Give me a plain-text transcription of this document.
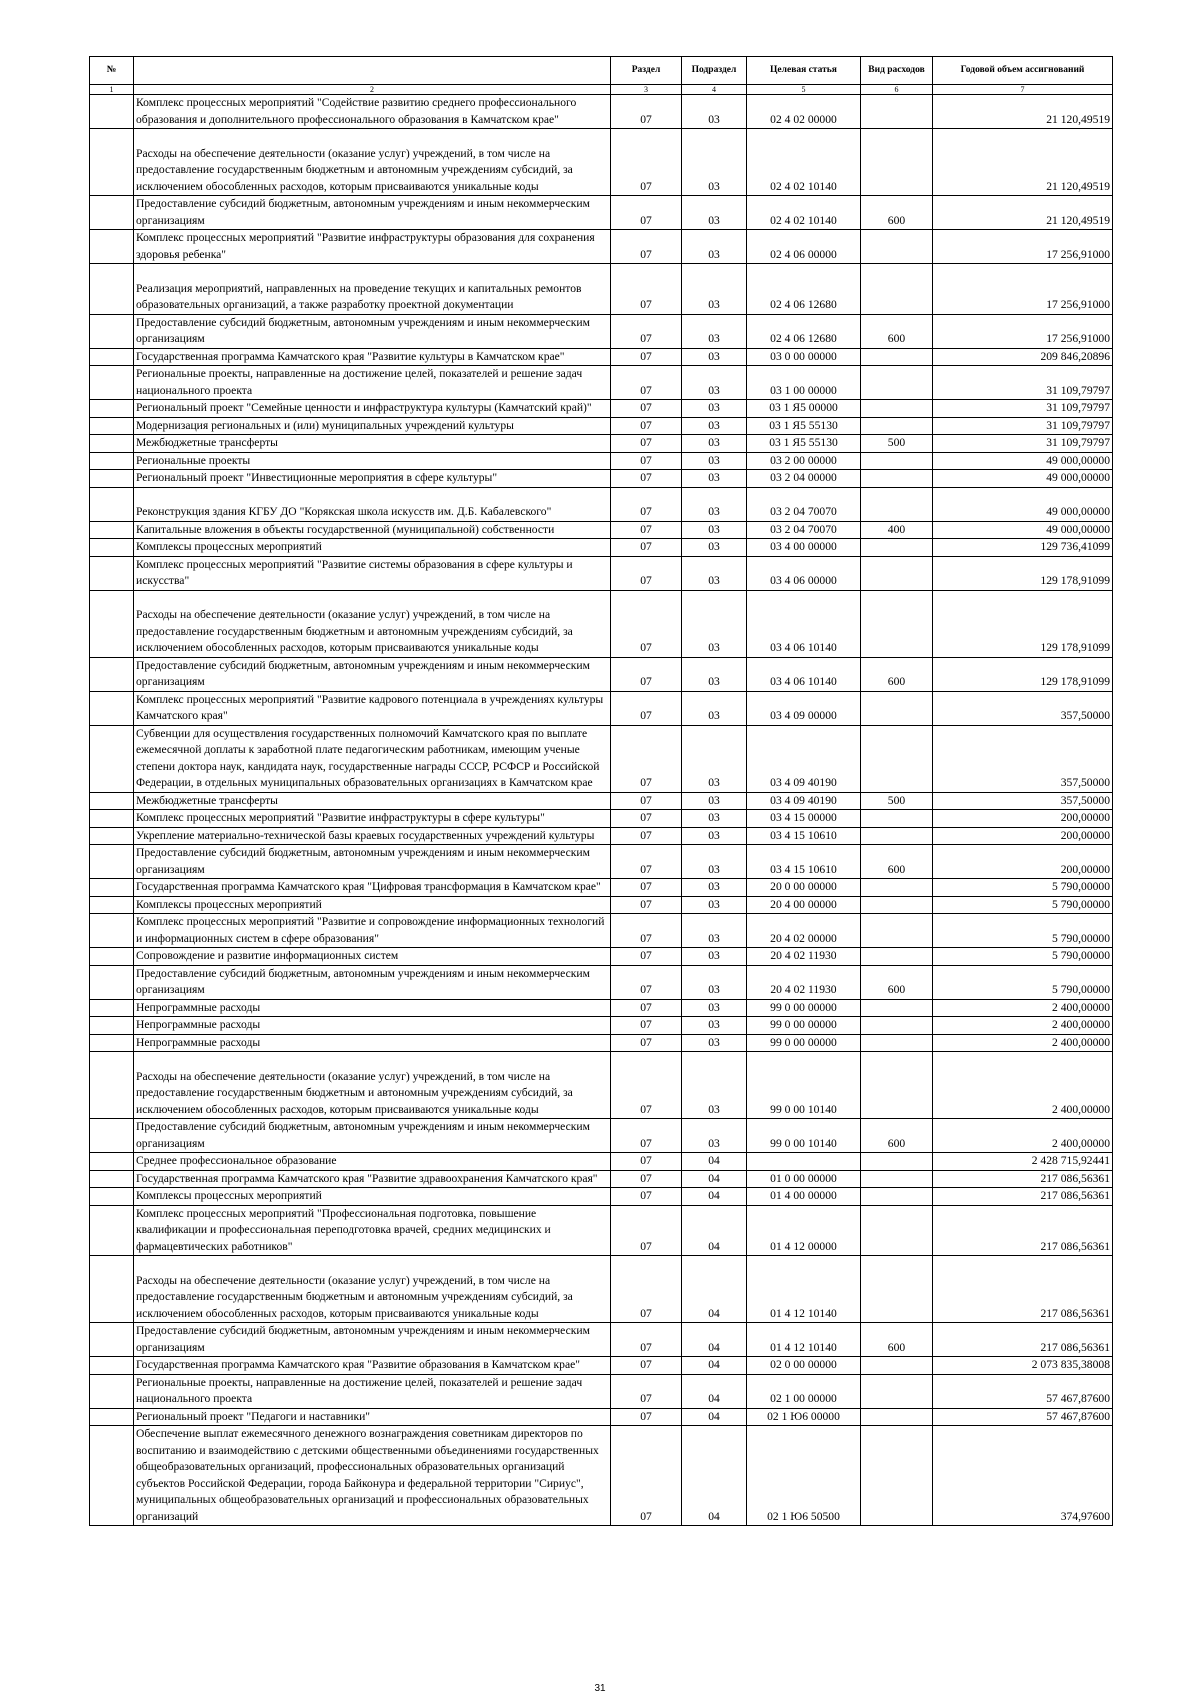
№		Раздел	Подраздел	Целевая статья	Вид расходов	Годовой объем ассигнований
1	2	3	4	5	6	7
	Комплекс процессных мероприятий "Содействие развитию среднего профессионального образования и дополнительного профессионального образования в Камчатском крае"	07	03	02 4 02 00000		21 120,49519

Расходы на обеспечение деятельности (оказание услуг) учреждений, в том числе на предоставление государственным бюджетным и автономным учреждениям субсидий, за исключением обособленных расходов, которым присваиваются уникальные коды	07	03	02 4 02 10140		21 120,49519
	Предоставление субсидий бюджетным, автономным учреждениям и иным некоммерческим организациям	07	03	02 4 02 10140	600	21 120,49519
	Комплекс процессных мероприятий "Развитие инфраструктуры образования для сохранения здоровья ребенка"	07	03	02 4 06 00000		17 256,91000

Реализация мероприятий, направленных на проведение текущих и капитальных ремонтов образовательных организаций, а также разработку проектной документации	07	03	02 4 06 12680		17 256,91000
	Предоставление субсидий бюджетным, автономным учреждениям и иным некоммерческим организациям	07	03	02 4 06 12680	600	17 256,91000
	Государственная программа Камчатского края "Развитие культуры в Камчатском крае"	07	03	03 0 00 00000		209 846,20896
	Региональные проекты, направленные на достижение целей, показателей и решение задач национального проекта	07	03	03 1 00 00000		31 109,79797
	Региональный проект "Семейные ценности и инфраструктура культуры (Камчатский край)"	07	03	03 1 Я5 00000		31 109,79797
	Модернизация региональных и (или) муниципальных учреждений культуры	07	03	03 1 Я5 55130		31 109,79797
	Межбюджетные трансферты	07	03	03 1 Я5 55130	500	31 109,79797
	Региональные проекты	07	03	03 2 00 00000		49 000,00000
	Региональный проект "Инвестиционные мероприятия в сфере культуры"	07	03	03 2 04 00000		49 000,00000

Реконструкция здания КГБУ ДО "Корякская школа искусств им. Д.Б. Кабалевского"	07	03	03 2 04 70070		49 000,00000
	Капитальные вложения в объекты государственной (муниципальной) собственности	07	03	03 2 04 70070	400	49 000,00000
	Комплексы процессных мероприятий	07	03	03 4 00 00000		129 736,41099
	Комплекс процессных мероприятий "Развитие системы образования в сфере культуры и искусства"	07	03	03 4 06 00000		129 178,91099

Расходы на обеспечение деятельности (оказание услуг) учреждений, в том числе на предоставление государственным бюджетным и автономным учреждениям субсидий, за исключением обособленных расходов, которым присваиваются уникальные коды	07	03	03 4 06 10140		129 178,91099
	Предоставление субсидий бюджетным, автономным учреждениям и иным некоммерческим организациям	07	03	03 4 06 10140	600	129 178,91099
	Комплекс процессных мероприятий "Развитие кадрового потенциала в учреждениях культуры Камчатского края"	07	03	03 4 09 00000		357,50000
	Субвенции для осуществления государственных полномочий Камчатского края по выплате ежемесячной доплаты к заработной плате педагогическим работникам, имеющим ученые степени доктора наук, кандидата наук, государственные награды СССР, РСФСР и Российской Федерации, в отдельных муниципальных образовательных организациях в Камчатском крае	07	03	03 4 09 40190		357,50000
	Межбюджетные трансферты	07	03	03 4 09 40190	500	357,50000
	Комплекс процессных мероприятий "Развитие инфраструктуры в сфере культуры"	07	03	03 4 15 00000		200,00000
	Укрепление материально-технической базы краевых государственных учреждений культуры	07	03	03 4 15 10610		200,00000
	Предоставление субсидий бюджетным, автономным учреждениям и иным некоммерческим организациям	07	03	03 4 15 10610	600	200,00000
	Государственная программа Камчатского края "Цифровая трансформация в Камчатском крае"	07	03	20 0 00 00000		5 790,00000
	Комплексы процессных мероприятий	07	03	20 4 00 00000		5 790,00000
	Комплекс процессных мероприятий "Развитие и сопровождение информационных технологий и информационных систем в сфере образования"	07	03	20 4 02 00000		5 790,00000
	Сопровождение и развитие информационных систем	07	03	20 4 02 11930		5 790,00000
	Предоставление субсидий бюджетным, автономным учреждениям и иным некоммерческим организациям	07	03	20 4 02 11930	600	5 790,00000
	Непрограммные расходы	07	03	99 0 00 00000		2 400,00000
	Непрограммные расходы	07	03	99 0 00 00000		2 400,00000
	Непрограммные расходы	07	03	99 0 00 00000		2 400,00000

Расходы на обеспечение деятельности (оказание услуг) учреждений, в том числе на предоставление государственным бюджетным и автономным учреждениям субсидий, за исключением обособленных расходов, которым присваиваются уникальные коды	07	03	99 0 00 10140		2 400,00000
	Предоставление субсидий бюджетным, автономным учреждениям и иным некоммерческим организациям	07	03	99 0 00 10140	600	2 400,00000
	Среднее профессиональное образование	07	04			2 428 715,92441
	Государственная программа Камчатского края "Развитие здравоохранения Камчатского края"	07	04	01 0 00 00000		217 086,56361
	Комплексы процессных мероприятий	07	04	01 4 00 00000		217 086,56361
	Комплекс процессных мероприятий "Профессиональная подготовка, повышение квалификации и профессиональная переподготовка врачей, средних медицинских и фармацевтических работников"	07	04	01 4 12 00000		217 086,56361

Расходы на обеспечение деятельности (оказание услуг) учреждений, в том числе на предоставление государственным бюджетным и автономным учреждениям субсидий, за исключением обособленных расходов, которым присваиваются уникальные коды	07	04	01 4 12 10140		217 086,56361
	Предоставление субсидий бюджетным, автономным учреждениям и иным некоммерческим организациям	07	04	01 4 12 10140	600	217 086,56361
	Государственная программа Камчатского края "Развитие образования в Камчатском крае"	07	04	02 0 00 00000		2 073 835,38008
	Региональные проекты, направленные на достижение целей, показателей и решение задач национального проекта	07	04	02 1 00 00000		57 467,87600
	Региональный проект "Педагоги и наставники"	07	04	02 1 Ю6 00000		57 467,87600
	Обеспечение выплат ежемесячного денежного вознаграждения советникам директоров по воспитанию и взаимодействию с детскими общественными объединениями государственных общеобразовательных организаций, профессиональных образовательных организаций субъектов Российской Федерации, города Байконура и федеральной территории "Сириус", муниципальных общеобразовательных организаций и профессиональных образовательных организаций	07	04	02 1 Ю6 50500		374,97600
31
